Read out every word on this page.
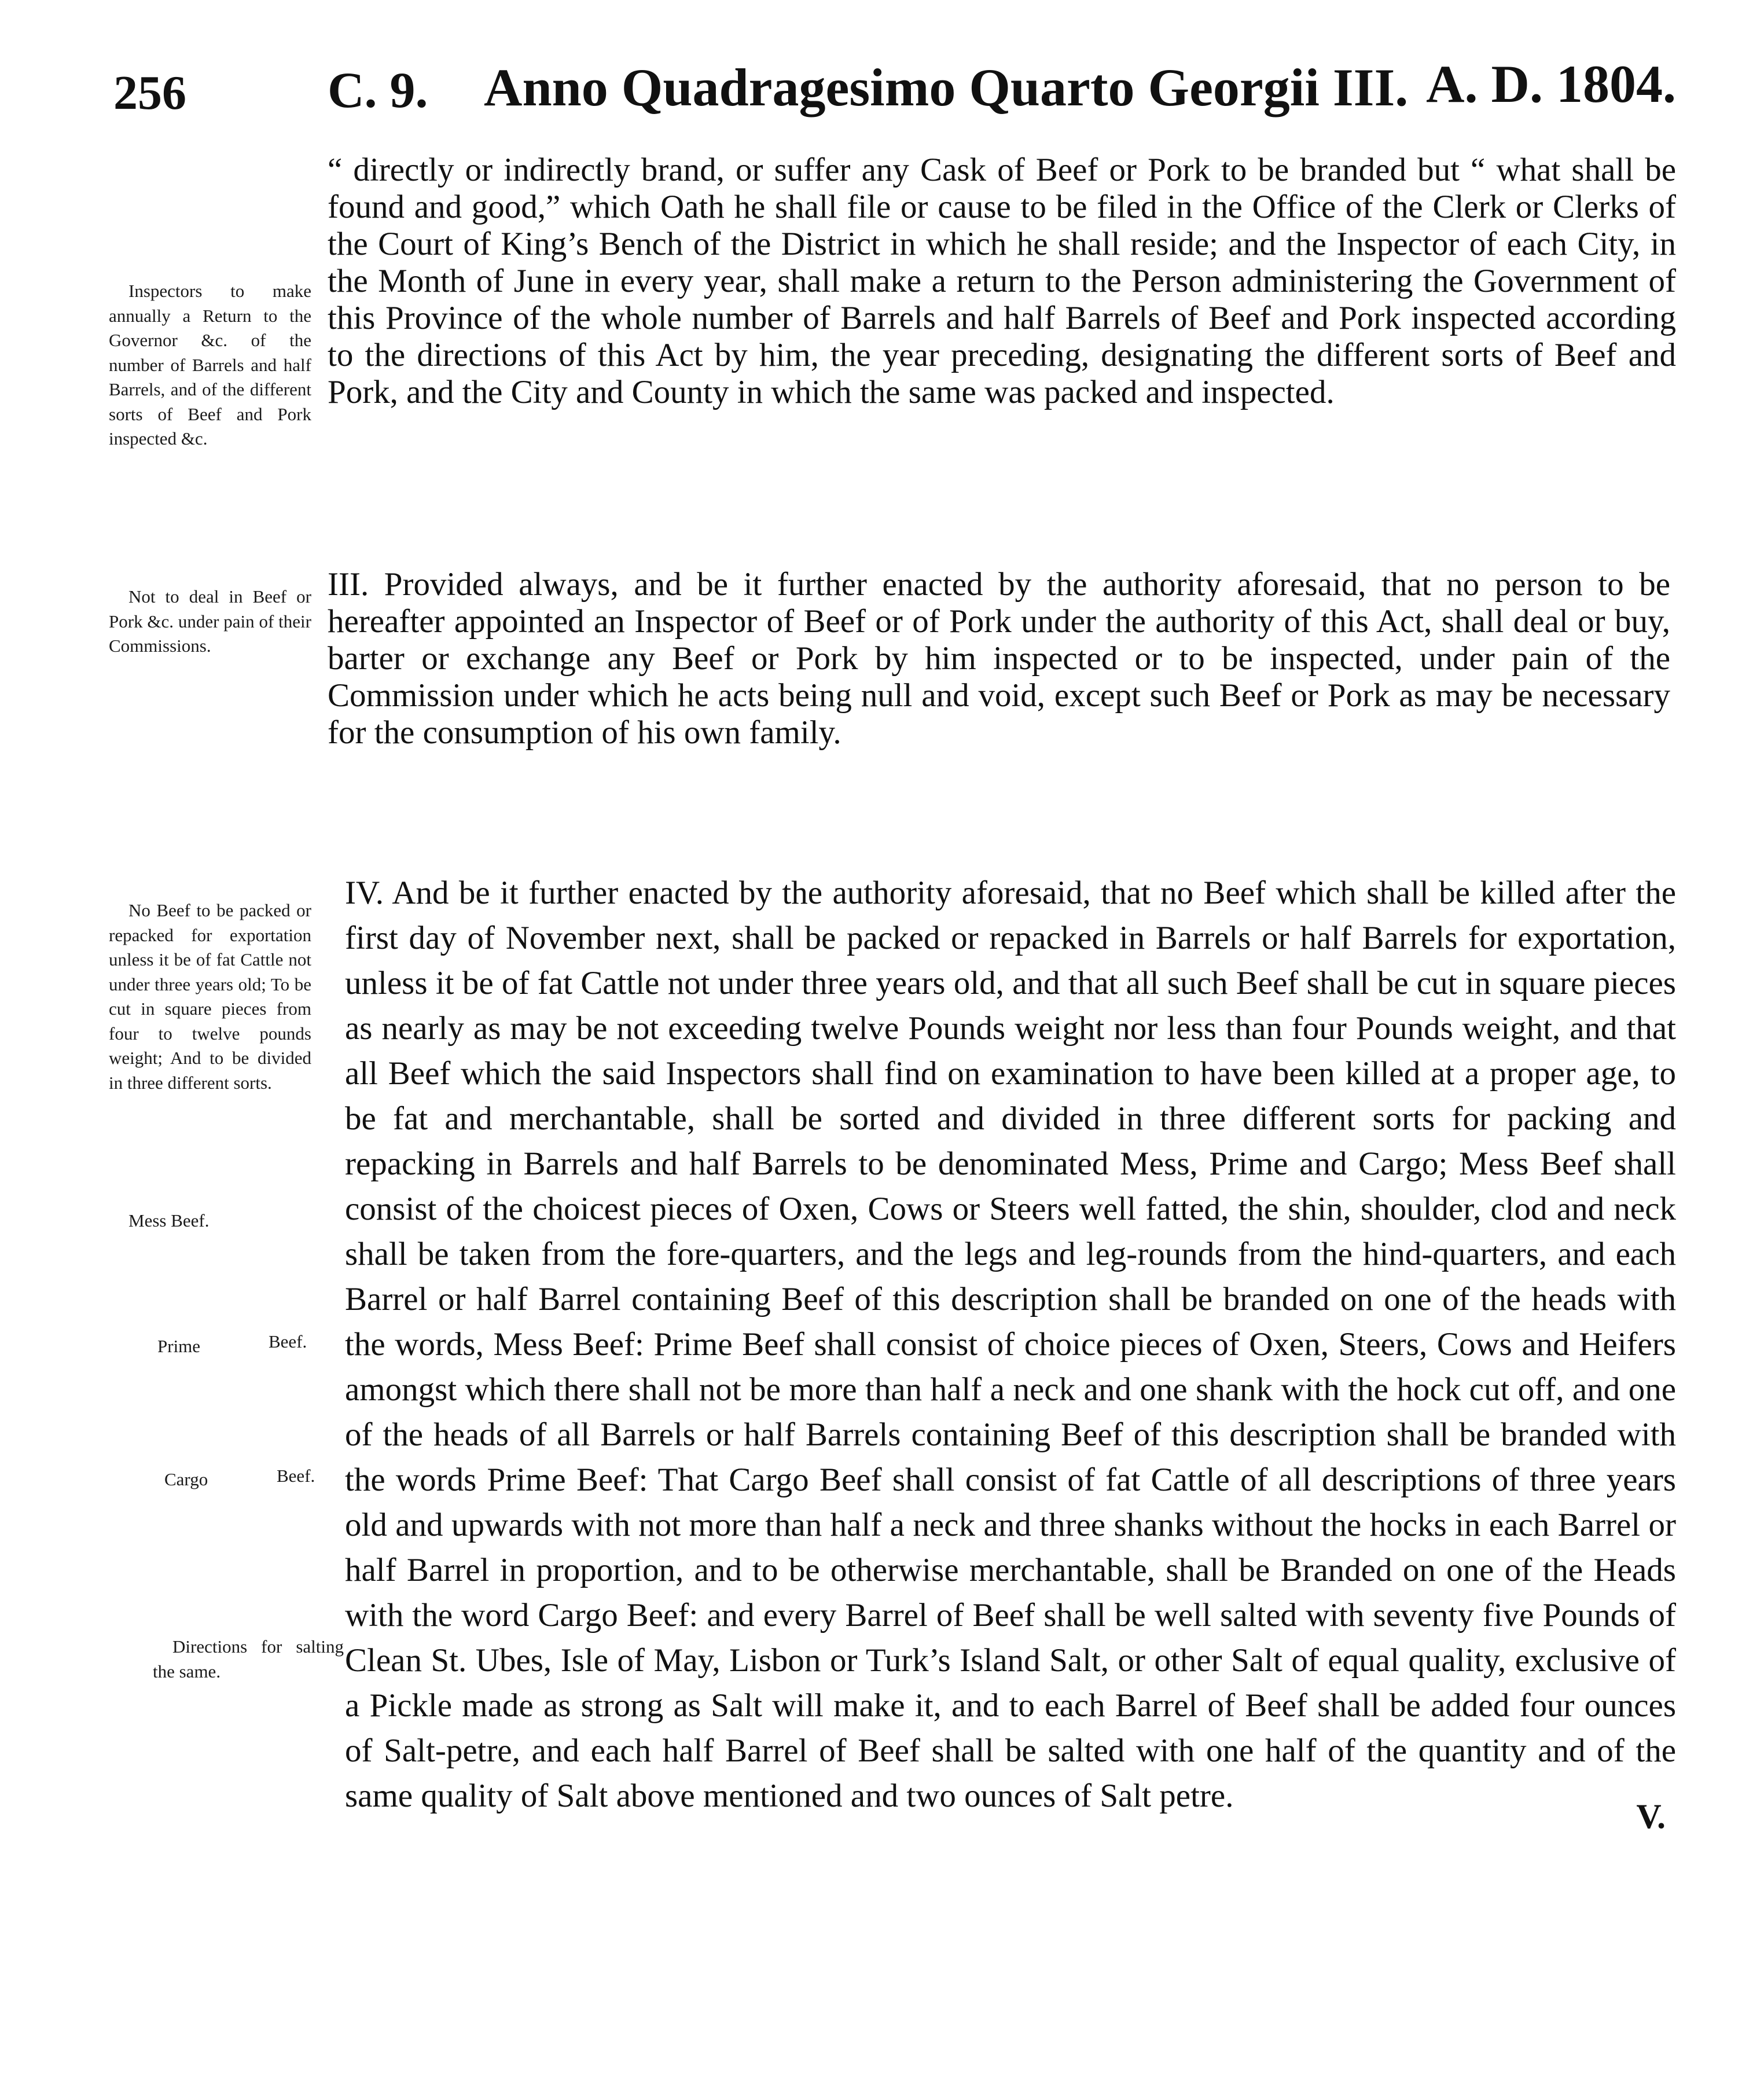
256	C. 9. Anno Quadragesimo Quarto Georgii III. A. D. 1804.

Inspectors to make annually a Return to the Governor &c. of the number of Barrels and half Barrels, and of the different sorts of Beef and Pork inspected &c.

Not to deal in Beef or Pork &c. under pain of their Commissions.

No Beef to be packed or repacked for exportation unless it be of fat Cattle not under three years old; To be cut in square pieces from four to twelve pounds weight; And to be divided in three different sorts.

Mess Beef.

Prime	Beef.
Cargo	Beef.

Directions for salting the same.

“ directly or indirectly brand, or suffer any Cask of Beef or Pork to be branded but “ what shall be found and good,” which Oath he shall file or cause to be filed in the Office of the Clerk or Clerks of the Court of King’s Bench of the District in which he shall reside; and the Inspector of each City, in the Month of June in every year, shall make a return to the Person administering the Government of this Province of the whole number of Barrels and half Barrels of Beef and Pork inspected according to the directions of this Act by him, the year preceding, designating the different sorts of Beef and Pork, and the City and County in which the same was packed and inspected.

III. Provided always, and be it further enacted by the authority aforesaid, that no person to be hereafter appointed an Inspector of Beef or of Pork under the authority of this Act, shall deal or buy, barter or exchange any Beef or Pork by him inspected or to be inspected, under pain of the Commission under which he acts being null and void, except such Beef or Pork as may be necessary for the consumption of his own family.

IV. And be it further enacted by the authority aforesaid, that no Beef which shall be killed after the first day of November next, shall be packed or repacked in Barrels or half Barrels for exportation, unless it be of fat Cattle not under three years old, and that all such Beef shall be cut in square pieces as nearly as may be not exceeding twelve Pounds weight nor less than four Pounds weight, and that all Beef which the said Inspectors shall find on examination to have been killed at a proper age, to be fat and merchantable, shall be sorted and divided in three different sorts for packing and repacking in Barrels and half Barrels to be denominated Mess, Prime and Cargo; Mess Beef shall consist of the choicest pieces of Oxen, Cows or Steers well fatted, the shin, shoulder, clod and neck shall be taken from the fore-quarters, and the legs and leg-rounds from the hind-quarters, and each Barrel or half Barrel containing Beef of this description shall be branded on one of the heads with the words, Mess Beef: Prime Beef shall consist of choice pieces of Oxen, Steers, Cows and Heifers amongst which there shall not be more than half a neck and one shank with the hock cut off, and one of the heads of all Barrels or half Barrels containing Beef of this description shall be branded with the words Prime Beef: That Cargo Beef shall consist of fat Cattle of all descriptions of three years old and upwards with not more than half a neck and three shanks without the hocks in each Barrel or half Barrel in proportion, and to be otherwise merchantable, shall be Branded on one of the Heads with the word Cargo Beef: and every Barrel of Beef shall be well salted with seventy five Pounds of Clean St. Ubes, Isle of May, Lisbon or Turk’s Island Salt, or other Salt of equal quality, exclusive of a Pickle made as strong as Salt will make it, and to each Barrel of Beef shall be added four ounces of Salt-petre, and each half Barrel of Beef shall be salted with one half of the quantity and of the same quality of Salt above mentioned and two ounces of Salt petre.

V.
